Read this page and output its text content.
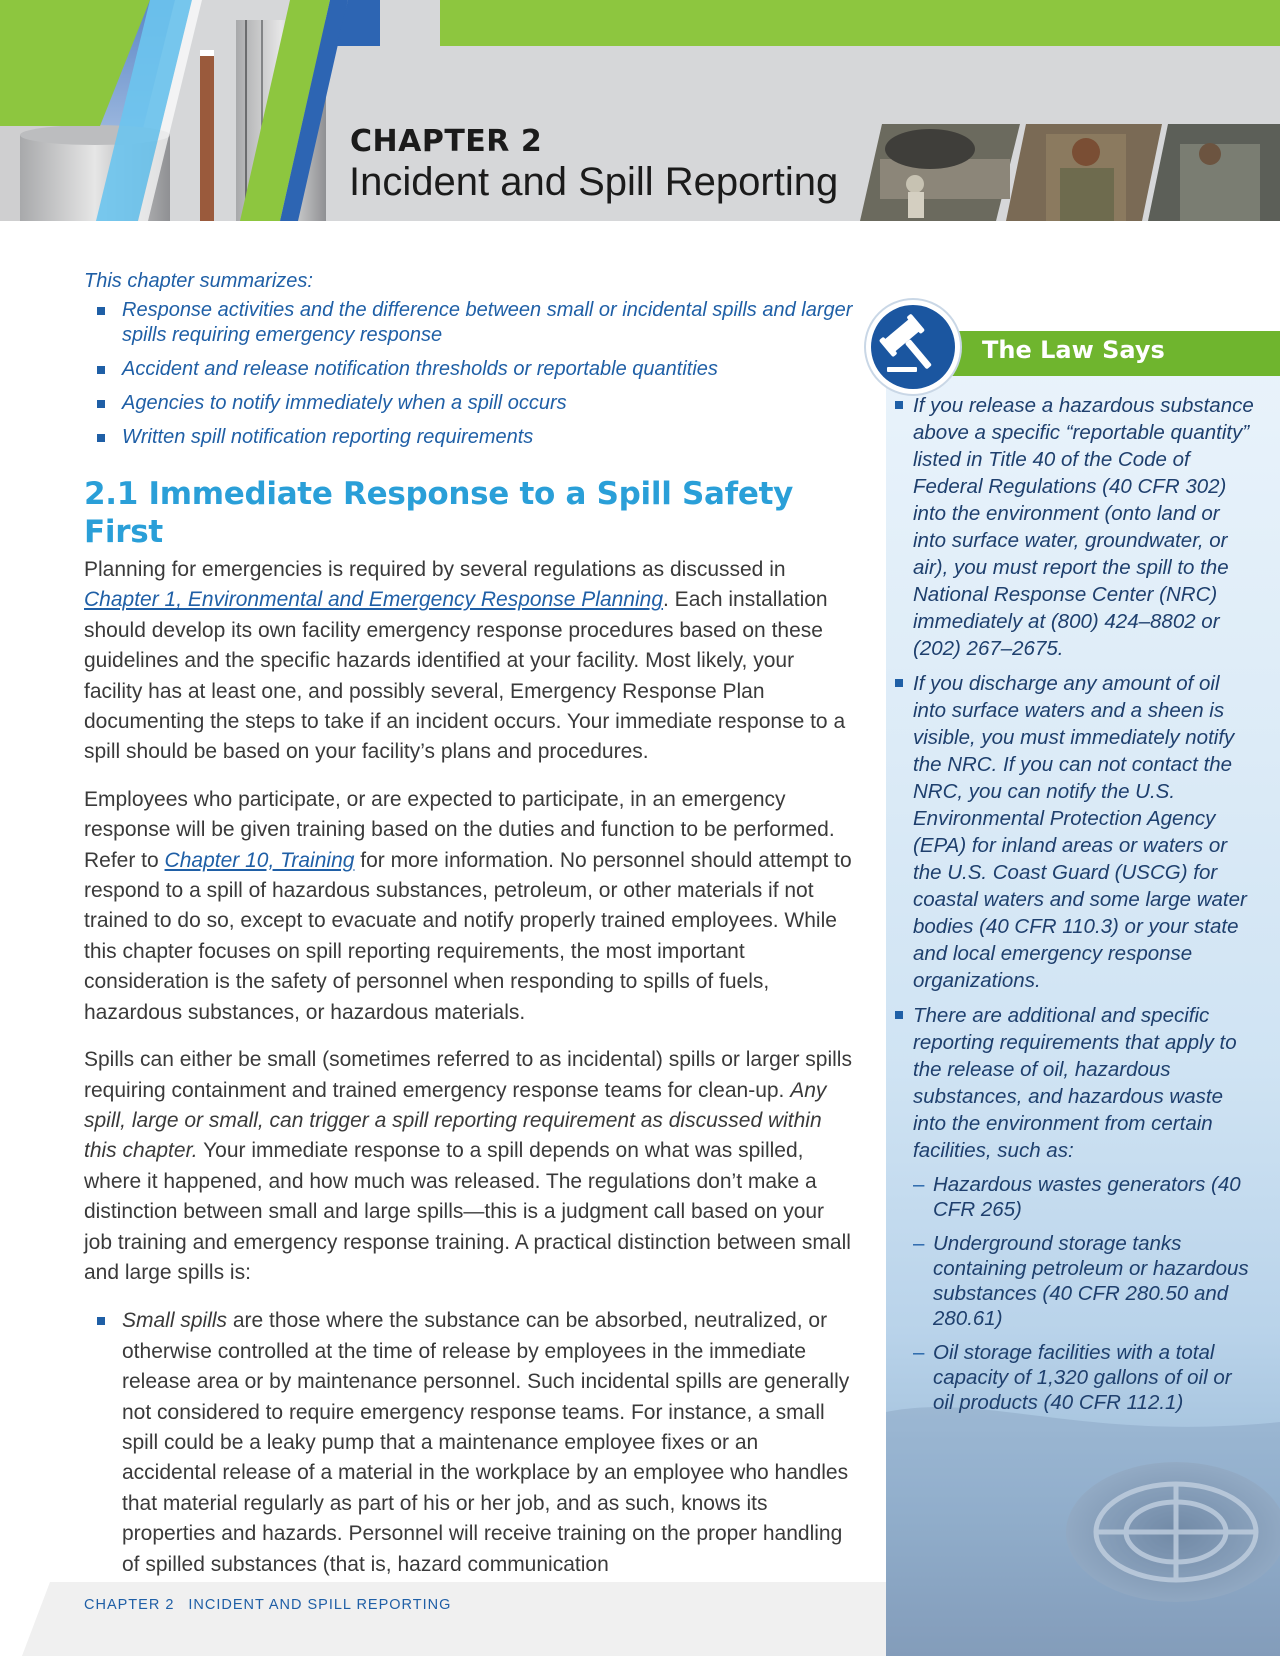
CHAPTER 2
Incident and Spill Reporting
This chapter summarizes:
Response activities and the difference between small or incidental spills and larger spills requiring emergency response
Accident and release notification thresholds or reportable quantities
Agencies to notify immediately when a spill occurs
Written spill notification reporting requirements
2.1 Immediate Response to a Spill Safety First

Planning for emergencies is required by several regulations as discussed in Chapter 1, Environmental and Emergency Response Planning. Each installation should develop its own facility emergency response procedures based on these guidelines and the specific hazards identified at your facility. Most likely, your facility has at least one, and possibly several, Emergency Response Plan documenting the steps to take if an incident occurs. Your immediate response to a spill should be based on your facility’s plans and procedures.

Employees who participate, or are expected to participate, in an emergency response will be given training based on the duties and function to be performed. Refer to Chapter 10, Training for more information. No personnel should attempt to respond to a spill of hazardous substances, petroleum, or other materials if not trained to do so, except to evacuate and notify properly trained employees. While this chapter focuses on spill reporting requirements, the most important consideration is the safety of personnel when responding to spills of fuels, hazardous substances, or hazardous materials.

Spills can either be small (sometimes referred to as incidental) spills or larger spills requiring containment and trained emergency response teams for clean-up. Any spill, large or small, can trigger a spill reporting requirement as discussed within this chapter. Your immediate response to a spill depends on what was spilled, where it happened, and how much was released. The regulations don’t make a distinction between small and large spills—this is a judgment call based on your job training and emergency response training. A practical distinction between small and large spills is:

Small spills are those where the substance can be absorbed, neutralized, or otherwise controlled at the time of release by employees in the immediate release area or by maintenance personnel. Such incidental spills are generally not considered to require emergency response teams. For instance, a small spill could be a leaky pump that a maintenance employee fixes or an accidental release of a material in the workplace by an employee who handles that material regularly as part of his or her job, and as such, knows its properties and hazards. Personnel will receive training on the proper handling of spilled substances (that is, hazard communication
CHAPTER 2 INCIDENT AND SPILL REPORTING
The Law Says
If you release a hazardous substance above a specific “reportable quantity” listed in Title 40 of the Code of Federal Regulations (40 CFR 302) into the environment (onto land or into surface water, groundwater, or air), you must report the spill to the National Response Center (NRC) immediately at (800) 424–8802 or (202) 267–2675.
If you discharge any amount of oil into surface waters and a sheen is visible, you must immediately notify the NRC. If you can not contact the NRC, you can notify the U.S. Environmental Protection Agency (EPA) for inland areas or waters or the U.S. Coast Guard (USCG) for coastal waters and some large water bodies (40 CFR 110.3) or your state and local emergency response organizations.
There are additional and specific reporting requirements that apply to the release of oil, hazardous substances, and hazardous waste into the environment from certain facilities, such as:
– Hazardous wastes generators (40 CFR 265)
– Underground storage tanks containing petroleum or hazardous substances (40 CFR 280.50 and 280.61)
– Oil storage facilities with a total capacity of 1,320 gallons of oil or oil products (40 CFR 112.1)
